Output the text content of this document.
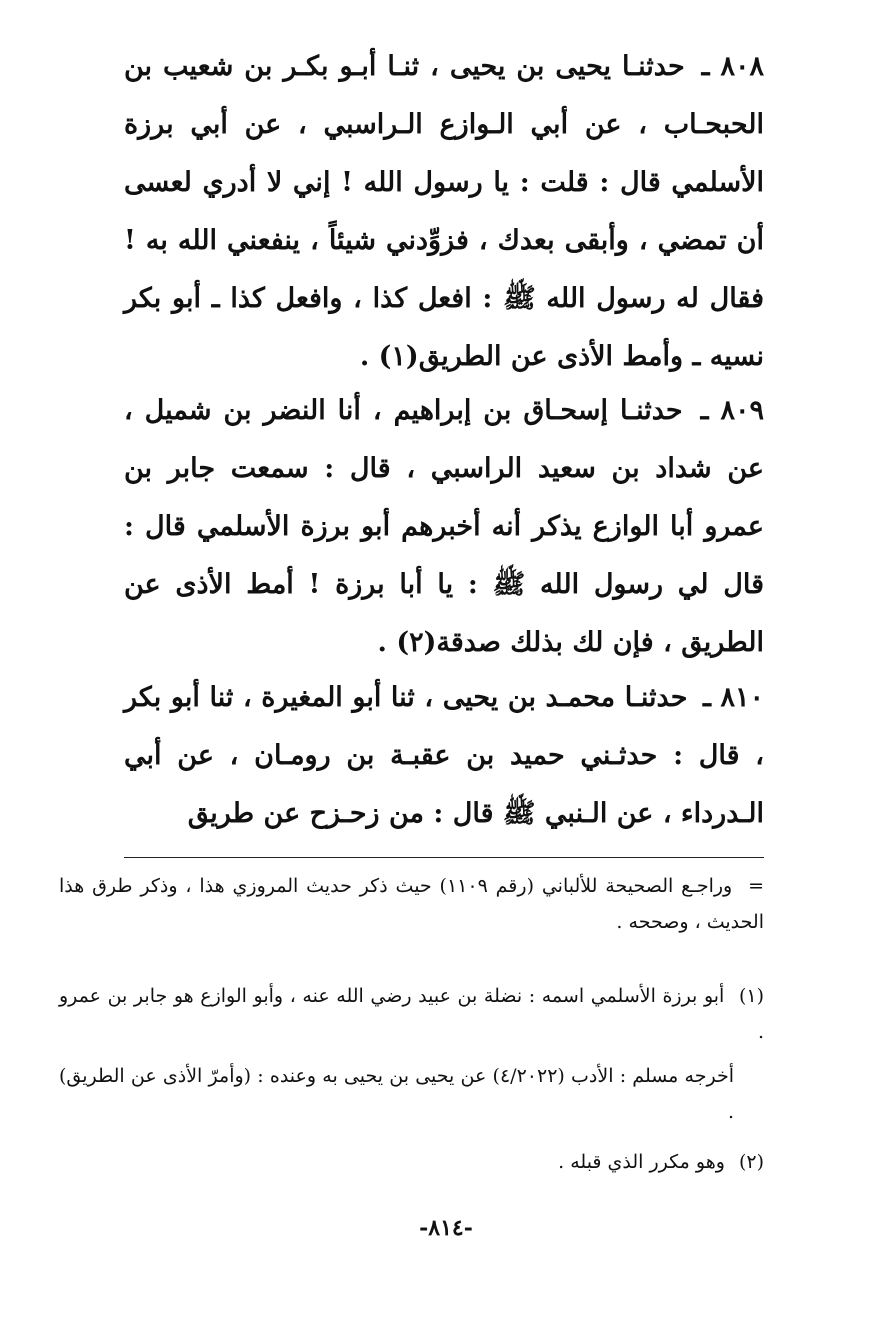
٨٠٨ ـ حدثنـا يحيى بن يحيى ، ثنـا أبـو بكـر بن شعيب بن الحبحـاب ، عن أبي الـوازع الـراسبي ، عن أبي برزة الأسلمي قال : قلت : يا رسول الله ! إني لا أدري لعسى أن تمضي ، وأبقى بعدك ، فزوِّدني شيئاً ، ينفعني الله به ! فقال له رسول الله ﷺ : افعل كذا ، وافعل كذا ـ أبو بكر نسيه ـ وأمط الأذى عن الطريق(١) .
٨٠٩ ـ حدثنـا إسحـاق بن إبراهيم ، أنا النضر بن شميل ، عن شداد بن سعيد الراسبي ، قال : سمعت جابر بن عمرو أبا الوازع يذكر أنه أخبرهم أبو برزة الأسلمي قال : قال لي رسول الله ﷺ : يا أبا برزة ! أمط الأذى عن الطريق ، فإن لك بذلك صدقة(٢) .
٨١٠ ـ حدثنـا محمـد بن يحيى ، ثنا أبو المغيرة ، ثنا أبو بكر ، قال : حدثـني حميد بن عقبـة بن رومـان ، عن أبي الـدرداء ، عن الـنبي ﷺ قال : من زحـزح عن طريق
= وراجـع الصحيحة للألباني (رقم ١١٠٩) حيث ذكر حديث المروزي هذا ، وذكر طرق هذا الحديث ، وصححه .
(١) أبو برزة الأسلمي اسمه : نضلة بن عبيد رضي الله عنه ، وأبو الوازع هو جابر بن عمرو .
أخرجه مسلم : الأدب (٤/٢٠٢٢) عن يحيى بن يحيى به وعنده : (وأمرّ الأذى عن الطريق) .
(٢) وهو مكرر الذي قبله .
-٨١٤-
